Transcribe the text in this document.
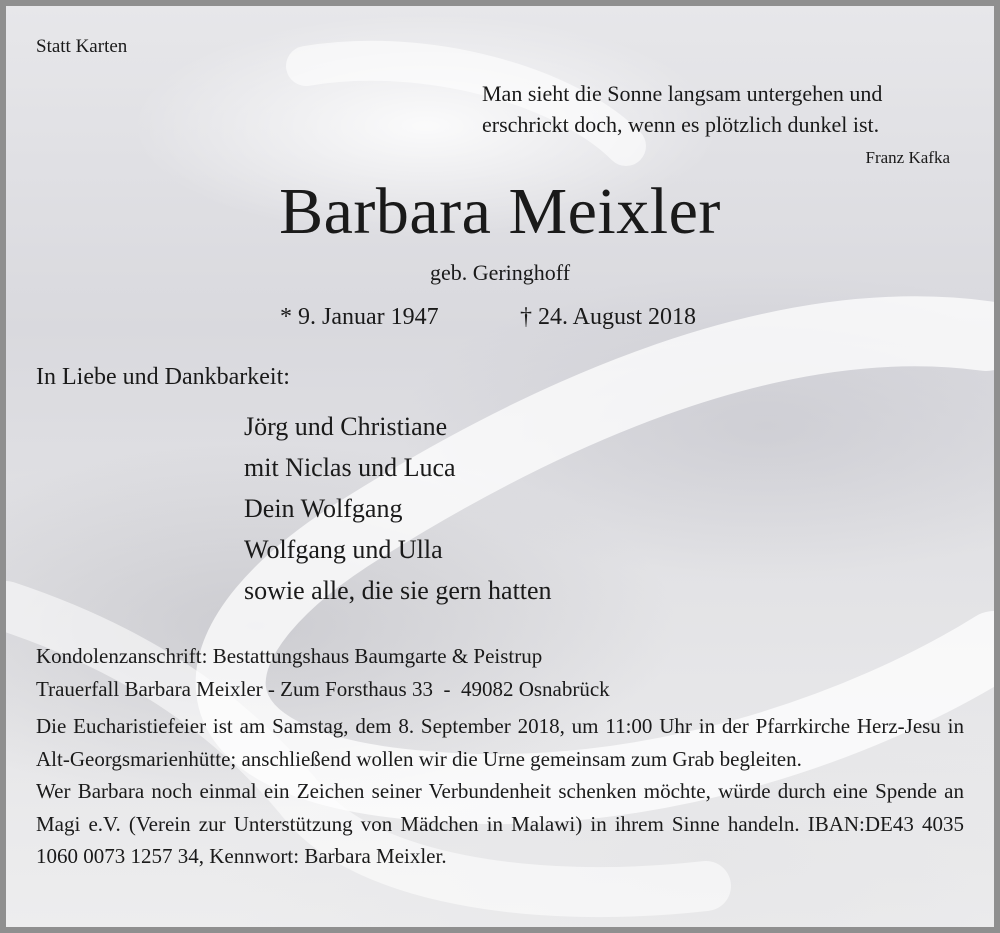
Statt Karten
Man sieht die Sonne langsam untergehen und
erschrickt doch, wenn es plötzlich dunkel ist.
Franz Kafka
Barbara Meixler
geb. Geringhoff
* 9. Januar 1947	† 24. August 2018
In Liebe und Dankbarkeit:
Jörg und Christiane
mit Niclas und Luca
Dein Wolfgang
Wolfgang und Ulla
sowie alle, die sie gern hatten
Kondolenzanschrift: Bestattungshaus Baumgarte & Peistrup
Trauerfall Barbara Meixler - Zum Forsthaus 33  -  49082 Osnabrück

Die Eucharistiefeier ist am Samstag, dem 8. September 2018, um 11:00 Uhr in der Pfarrkirche Herz-Jesu in Alt-Georgsmarienhütte; anschließend wollen wir die Urne gemeinsam zum Grab begleiten.

Wer Barbara noch einmal ein Zeichen seiner Verbundenheit schenken möchte, würde durch eine Spende an Magi e.V. (Verein zur Unterstützung von Mädchen in Malawi) in ihrem Sinne handeln. IBAN:DE43 4035 1060 0073 1257 34, Kennwort: Barbara Meixler.
